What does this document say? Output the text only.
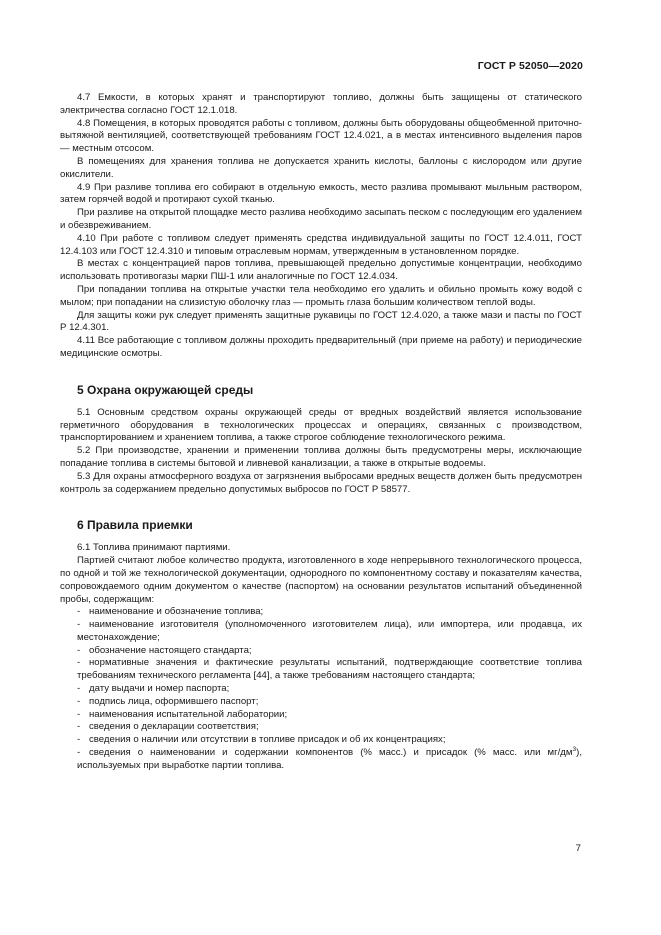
ГОСТ Р 52050—2020

4.7 Емкости, в которых хранят и транспортируют топливо, должны быть защищены от статического электричества согласно ГОСТ 12.1.018.

4.8 Помещения, в которых проводятся работы с топливом, должны быть оборудованы общеобменной приточно-вытяжной вентиляцией, соответствующей требованиям ГОСТ 12.4.021, а в местах интенсивного выделения паров — местным отсосом.

В помещениях для хранения топлива не допускается хранить кислоты, баллоны с кислородом или другие окислители.

4.9 При разливе топлива его собирают в отдельную емкость, место разлива промывают мыльным раствором, затем горячей водой и протирают сухой тканью.

При разливе на открытой площадке место разлива необходимо засыпать песком с последующим его удалением и обезвреживанием.

4.10 При работе с топливом следует применять средства индивидуальной защиты по ГОСТ 12.4.011, ГОСТ 12.4.103 или ГОСТ 12.4.310 и типовым отраслевым нормам, утвержденным в установленном порядке.

В местах с концентрацией паров топлива, превышающей предельно допустимые концентрации, необходимо использовать противогазы марки ПШ-1 или аналогичные по ГОСТ 12.4.034.

При попадании топлива на открытые участки тела необходимо его удалить и обильно промыть кожу водой с мылом; при попадании на слизистую оболочку глаз — промыть глаза большим количеством теплой воды.

Для защиты кожи рук следует применять защитные рукавицы по ГОСТ 12.4.020, а также мази и пасты по ГОСТ Р 12.4.301.

4.11 Все работающие с топливом должны проходить предварительный (при приеме на работу) и периодические медицинские осмотры.

5 Охрана окружающей среды

5.1 Основным средством охраны окружающей среды от вредных воздействий является использование герметичного оборудования в технологических процессах и операциях, связанных с производством, транспортированием и хранением топлива, а также строгое соблюдение технологического режима.

5.2 При производстве, хранении и применении топлива должны быть предусмотрены меры, исключающие попадание топлива в системы бытовой и ливневой канализации, а также в открытые водоемы.

5.3 Для охраны атмосферного воздуха от загрязнения выбросами вредных веществ должен быть предусмотрен контроль за содержанием предельно допустимых выбросов по ГОСТ Р 58577.

6 Правила приемки

6.1 Топлива принимают партиями.

Партией считают любое количество продукта, изготовленного в ходе непрерывного технологического процесса, по одной и той же технологической документации, однородного по компонентному составу и показателям качества, сопровождаемого одним документом о качестве (паспортом) на основании результатов испытаний объединенной пробы, содержащим:

- наименование и обозначение топлива;

- наименование изготовителя (уполномоченного изготовителем лица), или импортера, или продавца, их местонахождение;

- обозначение настоящего стандарта;

- нормативные значения и фактические результаты испытаний, подтверждающие соответствие топлива требованиям технического регламента [44], а также требованиям настоящего стандарта;

- дату выдачи и номер паспорта;

- подпись лица, оформившего паспорт;

- наименования испытательной лаборатории;

- сведения о декларации соответствия;

- сведения о наличии или отсутствии в топливе присадок и об их концентрациях;

- сведения о наименовании и содержании компонентов (% масс.) и присадок (% масс. или $мг/дм^3$), используемых при выработке партии топлива.

7
